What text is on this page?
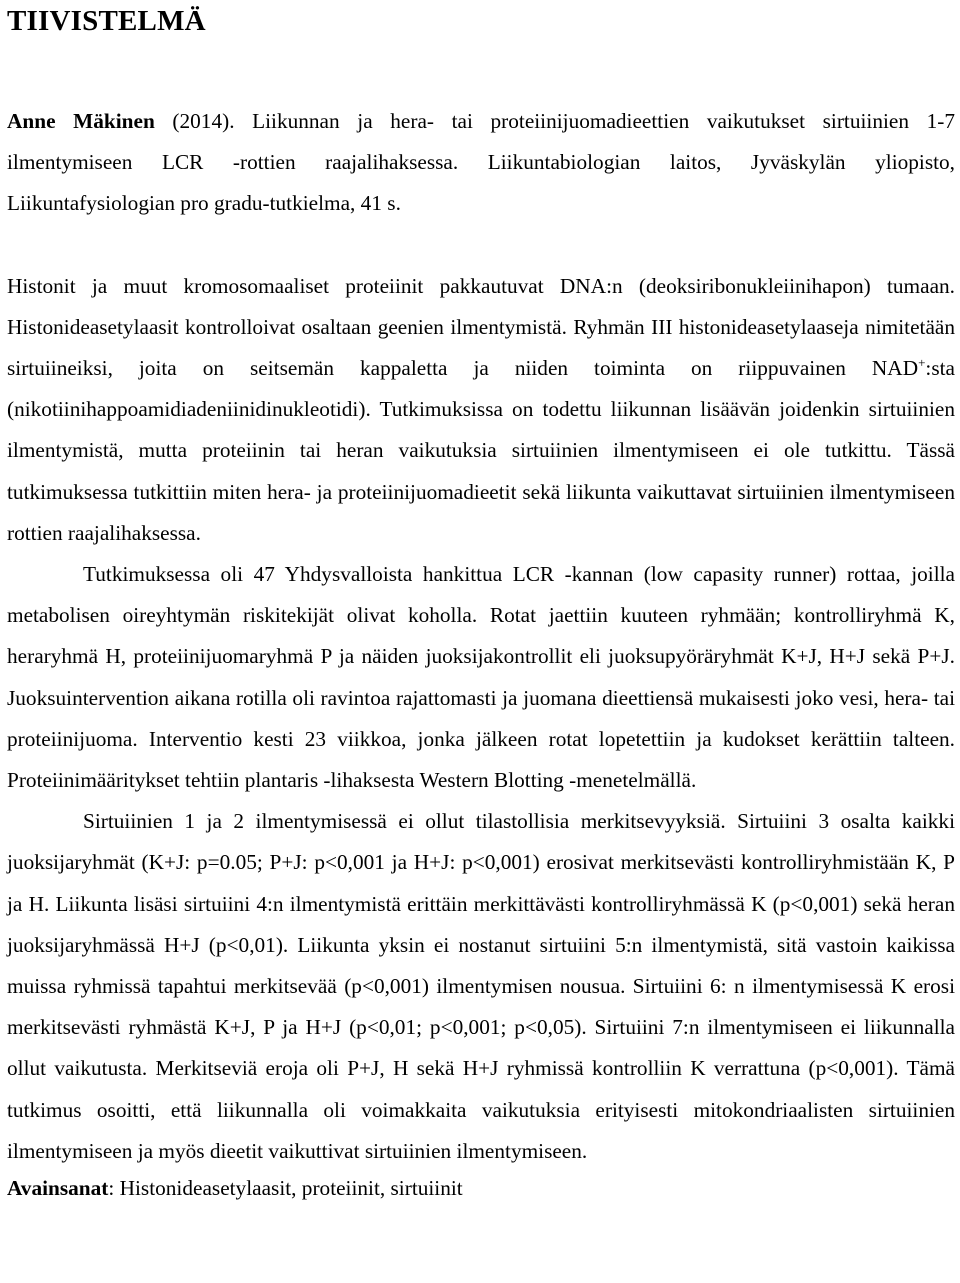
TIIVISTELMÄ

Anne Mäkinen (2014). Liikunnan ja hera- tai proteiinijuomadieettien vaikutukset sirtuiinien 1-7 ilmentymiseen LCR -rottien raajalihaksessa. Liikuntabiologian laitos, Jyväskylän yliopisto, Liikuntafysiologian pro gradu-tutkielma, 41 s.

Histonit ja muut kromosomaaliset proteiinit pakkautuvat DNA:n (deoksiribonukleiinihapon) tumaan. Histonideasetylaasit kontrolloivat osaltaan geenien ilmentymistä. Ryhmän III histonideasetylaaseja nimitetään sirtuiineiksi, joita on seitsemän kappaletta ja niiden toiminta on riippuvainen NAD+:sta (nikotiinihappoamidiadeniinidinukleotidi). Tutkimuksissa on todettu liikunnan lisäävän joidenkin sirtuiinien ilmentymistä, mutta proteiinin tai heran vaikutuksia sirtuiinien ilmentymiseen ei ole tutkittu. Tässä tutkimuksessa tutkittiin miten hera- ja proteiinijuomadieetit sekä liikunta vaikuttavat sirtuiinien ilmentymiseen rottien raajalihaksessa.

Tutkimuksessa oli 47 Yhdysvalloista hankittua LCR -kannan (low capasity runner) rottaa, joilla metabolisen oireyhtymän riskitekijät olivat koholla. Rotat jaettiin kuuteen ryhmään; kontrolliryhmä K, heraryhmä H, proteiinijuomaryhmä P ja näiden juoksijakontrollit eli juoksupyöräryhmät K+J, H+J sekä P+J. Juoksuintervention aikana rotilla oli ravintoa rajattomasti ja juomana dieettiensä mukaisesti joko vesi, hera- tai proteiinijuoma. Interventio kesti 23 viikkoa, jonka jälkeen rotat lopetettiin ja kudokset kerättiin talteen. Proteiinimääritykset tehtiin plantaris -lihaksesta Western Blotting -menetelmällä.

Sirtuiinien 1 ja 2 ilmentymisessä ei ollut tilastollisia merkitsevyyksiä. Sirtuiini 3 osalta kaikki juoksijaryhmät (K+J: p=0.05; P+J: p<0,001 ja H+J: p<0,001) erosivat merkitsevästi kontrolliryhmistään K, P ja H. Liikunta lisäsi sirtuiini 4:n ilmentymistä erittäin merkittävästi kontrolliryhmässä K (p<0,001) sekä heran juoksijaryhmässä H+J (p<0,01). Liikunta yksin ei nostanut sirtuiini 5:n ilmentymistä, sitä vastoin kaikissa muissa ryhmissä tapahtui merkitsevää (p<0,001) ilmentymisen nousua. Sirtuiini 6: n ilmentymisessä K erosi merkitsevästi ryhmästä K+J, P ja H+J (p<0,01; p<0,001; p<0,05). Sirtuiini 7:n ilmentymiseen ei liikunnalla ollut vaikutusta. Merkitseviä eroja oli P+J, H sekä H+J ryhmissä kontrolliin K verrattuna (p<0,001). Tämä tutkimus osoitti, että liikunnalla oli voimakkaita vaikutuksia erityisesti mitokondriaalisten sirtuiinien ilmentymiseen ja myös dieetit vaikuttivat sirtuiinien ilmentymiseen.

Avainsanat: Histonideasetylaasit, proteiinit, sirtuiinit
